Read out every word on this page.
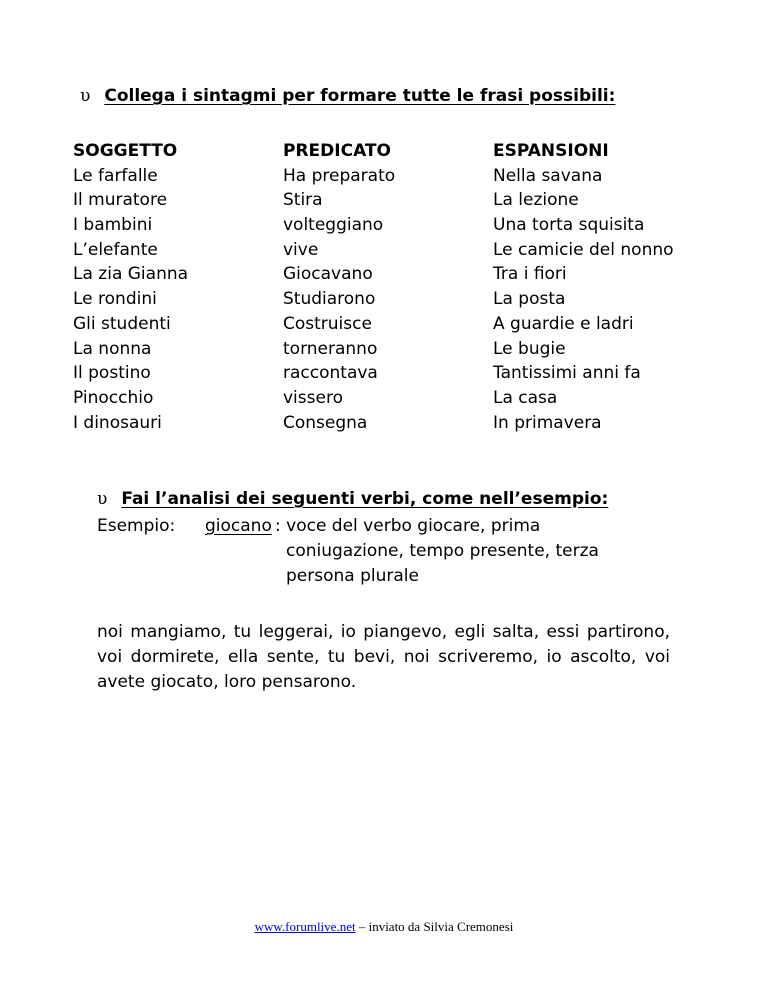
υ Collega i sintagmi per formare tutte le frasi possibili:
SOGGETTO
Le farfalle
Il muratore
I bambini
L’elefante
La zia Gianna
Le rondini
Gli studenti
La nonna
Il postino
Pinocchio
I dinosauri
PREDICATO
Ha preparato
Stira
volteggiano
vive
Giocavano
Studiarono
Costruisce
torneranno
raccontava
vissero
Consegna
ESPANSIONI
Nella savana
La lezione
Una torta squisita
Le camicie del nonno
Tra i fiori
La posta
A guardie e ladri
Le bugie
Tantissimi anni fa
La casa
In primavera
υ Fai l’analisi dei seguenti verbi, come nell’esempio:
Esempio: giocano : voce del verbo giocare, prima
coniugazione, tempo presente, terza
persona plurale
noi mangiamo, tu leggerai, io piangevo, egli salta, essi partirono, voi dormirete, ella sente, tu bevi, noi scriveremo, io ascolto, voi avete giocato, loro pensarono.
www.forumlive.net – inviato da Silvia Cremonesi
